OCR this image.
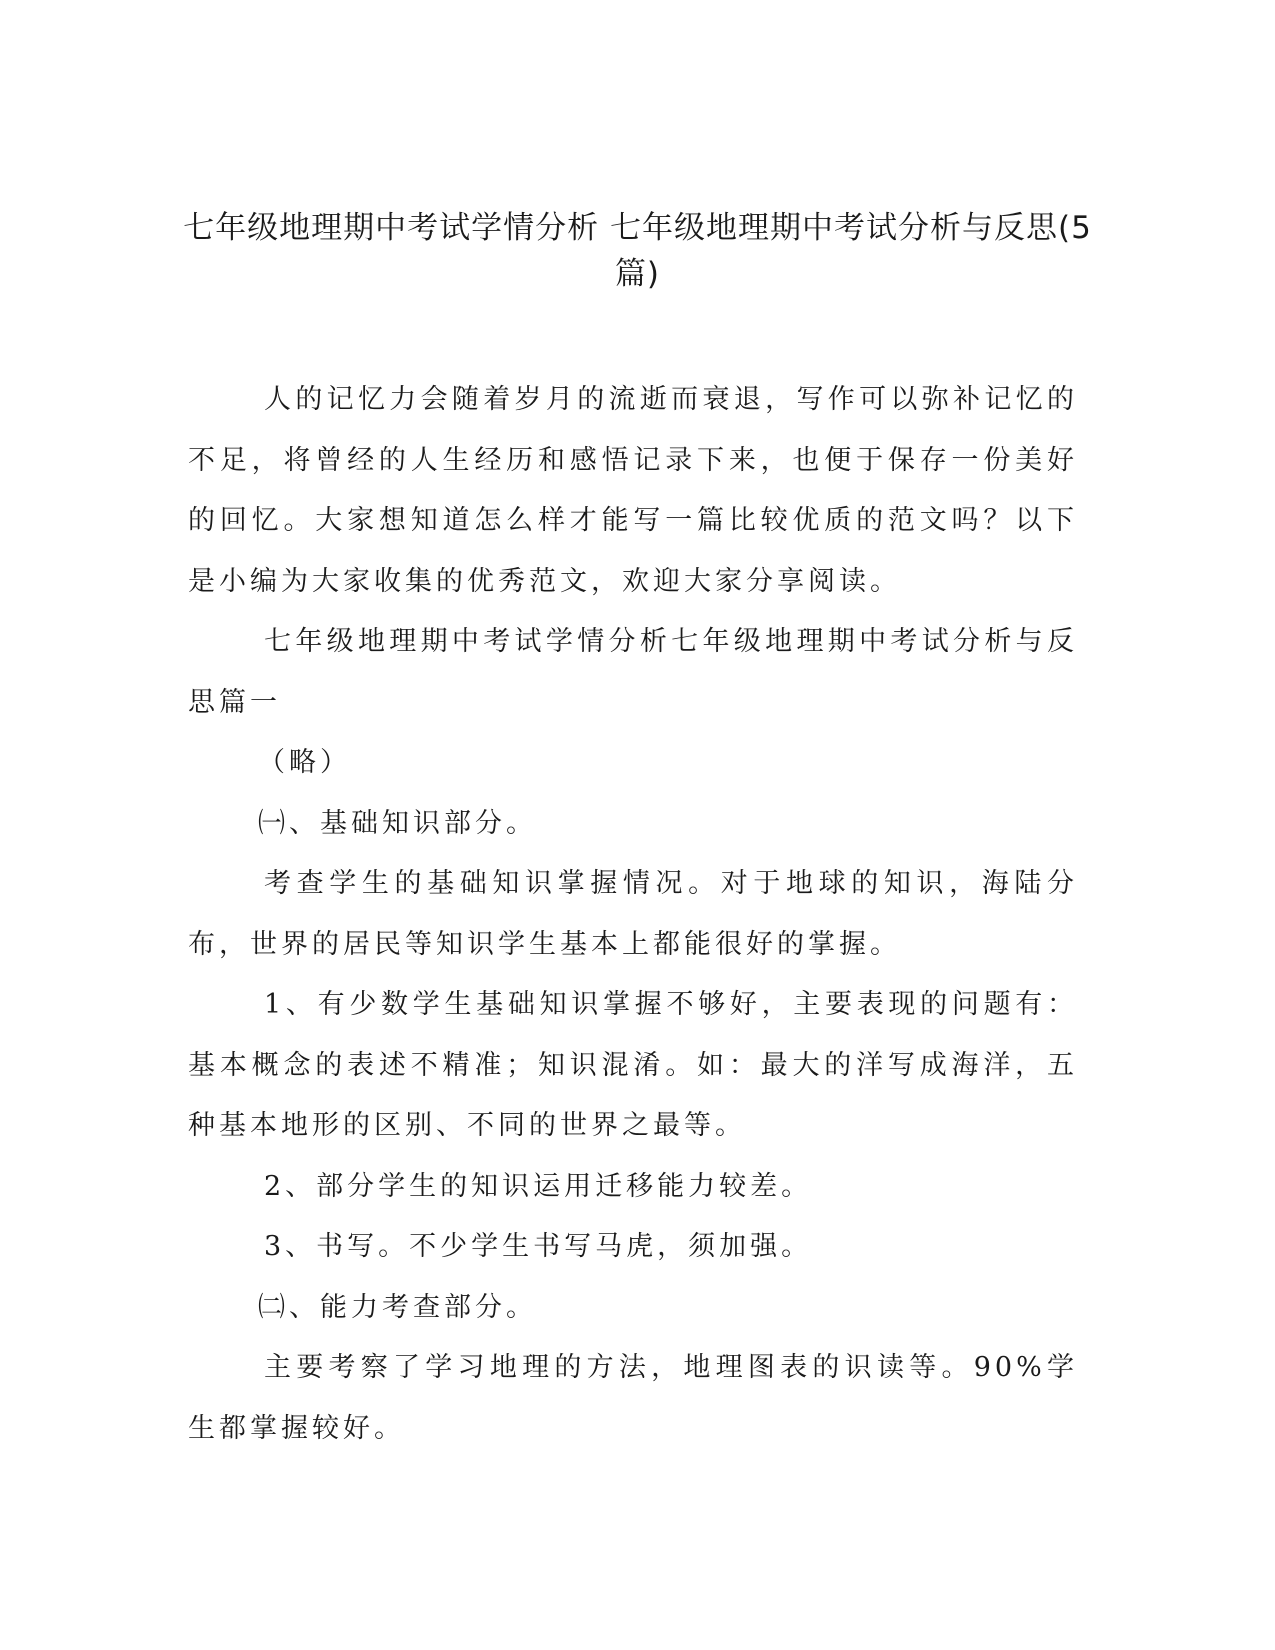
七年级地理期中考试学情分析 七年级地理期中考试分析与反思(5篇)

人的记忆力会随着岁月的流逝而衰退，写作可以弥补记忆的不足，将曾经的人生经历和感悟记录下来，也便于保存一份美好的回忆。大家想知道怎么样才能写一篇比较优质的范文吗？以下是小编为大家收集的优秀范文，欢迎大家分享阅读。

七年级地理期中考试学情分析七年级地理期中考试分析与反思篇一

（略）

㈠、基础知识部分。

考查学生的基础知识掌握情况。对于地球的知识，海陆分布，世界的居民等知识学生基本上都能很好的掌握。

1、有少数学生基础知识掌握不够好，主要表现的问题有：基本概念的表述不精准；知识混淆。如：最大的洋写成海洋，五种基本地形的区别、不同的世界之最等。

2、部分学生的知识运用迁移能力较差。

3、书写。不少学生书写马虎，须加强。

㈡、能力考查部分。

主要考察了学习地理的方法，地理图表的识读等。90%学生都掌握较好。
